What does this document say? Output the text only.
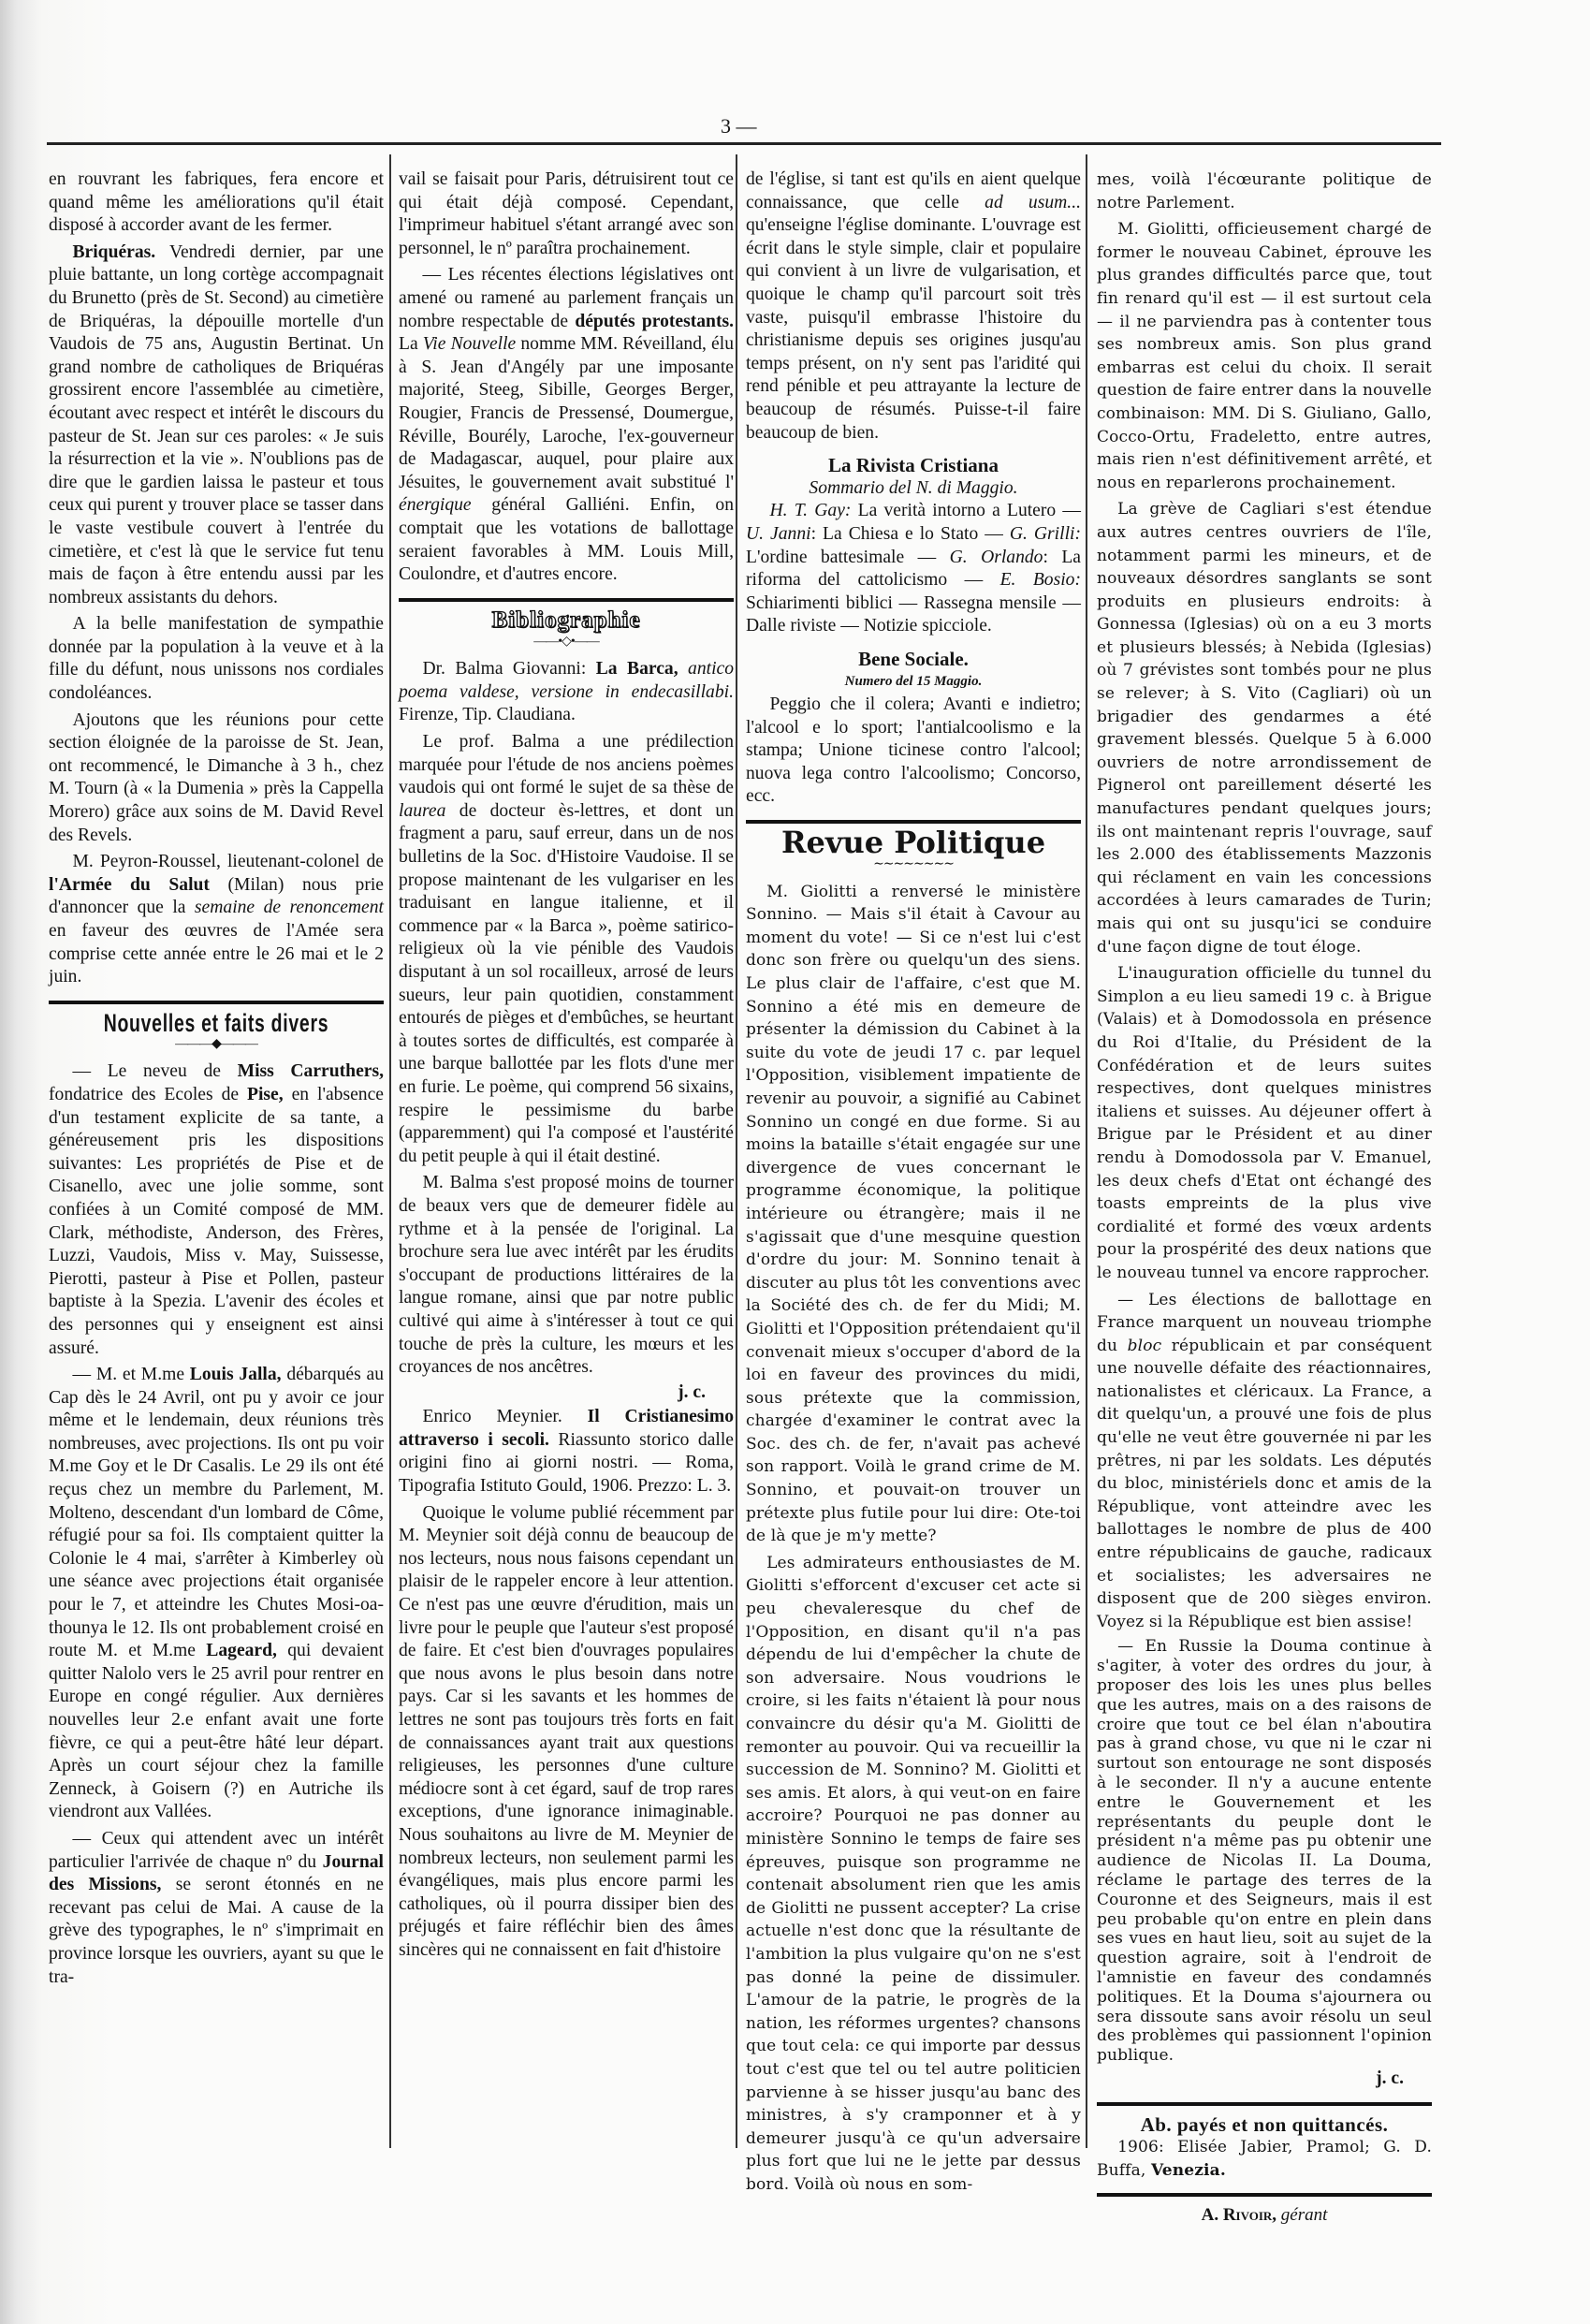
3 —

en rouvrant les fabriques, fera encore et quand même les améliorations qu'il était disposé à accorder avant de les fermer.

Briquéras. Vendredi dernier, par une pluie battante, un long cortège accompagnait du Brunetto (près de St. Second) au cimetière de Briquéras, la dépouille mortelle d'un Vaudois de 75 ans, Augustin Bertinat. Un grand nombre de catholiques de Briquéras grossirent encore l'assemblée au cimetière, écoutant avec respect et intérêt le discours du pasteur de St. Jean sur ces paroles: « Je suis la résurrection et la vie ». N'oublions pas de dire que le gardien laissa le pasteur et tous ceux qui purent y trouver place se tasser dans le vaste vestibule couvert à l'entrée du cimetière, et c'est là que le service fut tenu mais de façon à être entendu aussi par les nombreux assistants du dehors.

A la belle manifestation de sympathie donnée par la population à la veuve et à la fille du défunt, nous unissons nos cordiales condoléances.

Ajoutons que les réunions pour cette section éloignée de la paroisse de St. Jean, ont recommencé, le Dimanche à 3 h., chez M. Tourn (à « la Dumenia » près la Cappella Morero) grâce aux soins de M. David Revel des Revels.

M. Peyron-Roussel, lieutenant-colonel de l'Armée du Salut (Milan) nous prie d'annoncer que la semaine de renoncement en faveur des œuvres de l'Amée sera comprise cette année entre le 26 mai et le 2 juin.

Nouvelles et faits divers
———◆———

— Le neveu de Miss Carruthers, fondatrice des Ecoles de Pise, en l'absence d'un testament explicite de sa tante, a généreusement pris les dispositions suivantes: Les propriétés de Pise et de Cisanello, avec une jolie somme, sont confiées à un Comité composé de MM. Clark, méthodiste, Anderson, des Frères, Luzzi, Vaudois, Miss v. May, Suissesse, Pierotti, pasteur à Pise et Pollen, pasteur baptiste à la Spezia. L'avenir des écoles et des personnes qui y enseignent est ainsi assuré.

— M. et M.me Louis Jalla, débarqués au Cap dès le 24 Avril, ont pu y avoir ce jour même et le lendemain, deux réunions très nombreuses, avec projections. Ils ont pu voir M.me Goy et le Dr Casalis. Le 29 ils ont été reçus chez un membre du Parlement, M. Molteno, descendant d'un lombard de Côme, réfugié pour sa foi. Ils comptaient quitter la Colonie le 4 mai, s'arrêter à Kimberley où une séance avec projections était organisée pour le 7, et atteindre les Chutes Mosi-oa-thounya le 12. Ils ont probablement croisé en route M. et M.me Lageard, qui devaient quitter Nalolo vers le 25 avril pour rentrer en Europe en congé régulier. Aux dernières nouvelles leur 2.e enfant avait une forte fièvre, ce qui a peut-être hâté leur départ. Après un court séjour chez la famille Zenneck, à Goisern (?) en Autriche ils viendront aux Vallées.

— Ceux qui attendent avec un intérêt particulier l'arrivée de chaque nº du Journal des Missions, se seront étonnés en ne recevant pas celui de Mai. A cause de la grève des typographes, le nº s'imprimait en province lorsque les ouvriers, ayant su que le tra-

vail se faisait pour Paris, détruisirent tout ce qui était déjà composé. Cependant, l'imprimeur habituel s'étant arrangé avec son personnel, le nº paraîtra prochainement.

— Les récentes élections législatives ont amené ou ramené au parlement français un nombre respectable de députés protestants. La Vie Nouvelle nomme MM. Réveilland, élu à S. Jean d'Angély par une imposante majorité, Steeg, Sibille, Georges Berger, Rougier, Francis de Pressensé, Doumergue, Réville, Bourély, Laroche, l'ex-gouverneur de Madagascar, auquel, pour plaire aux Jésuites, le gouvernement avait substitué l' énergique général Galliéni. Enfin, on comptait que les votations de ballottage seraient favorables à MM. Louis Mill, Coulondre, et d'autres encore.

Bibliographie
——•◇•——

Dr. Balma Giovanni: La Barca, antico poema valdese, versione in endecasillabi. Firenze, Tip. Claudiana.

Le prof. Balma a une prédilection marquée pour l'étude de nos anciens poèmes vaudois qui ont formé le sujet de sa thèse de laurea de docteur ès-lettres, et dont un fragment a paru, sauf erreur, dans un de nos bulletins de la Soc. d'Histoire Vaudoise. Il se propose maintenant de les vulgariser en les traduisant en langue italienne, et il commence par « la Barca », poème satirico-religieux où la vie pénible des Vaudois disputant à un sol rocailleux, arrosé de leurs sueurs, leur pain quotidien, constamment entourés de pièges et d'embûches, se heurtant à toutes sortes de difficultés, est comparée à une barque ballottée par les flots d'une mer en furie. Le poème, qui comprend 56 sixains, respire le pessimisme du barbe (apparemment) qui l'a composé et l'austérité du petit peuple à qui il était destiné.

M. Balma s'est proposé moins de tourner de beaux vers que de demeurer fidèle au rythme et à la pensée de l'original. La brochure sera lue avec intérêt par les érudits s'occupant de productions littéraires de la langue romane, ainsi que par notre public cultivé qui aime à s'intéresser à tout ce qui touche de près la culture, les mœurs et les croyances de nos ancêtres.

j. c.

Enrico Meynier. Il Cristianesimo attraverso i secoli. Riassunto storico dalle origini fino ai giorni nostri. — Roma, Tipografia Istituto Gould, 1906. Prezzo: L. 3.

Quoique le volume publié récemment par M. Meynier soit déjà connu de beaucoup de nos lecteurs, nous nous faisons cependant un plaisir de le rappeler encore à leur attention. Ce n'est pas une œuvre d'érudition, mais un livre pour le peuple que l'auteur s'est proposé de faire. Et c'est bien d'ouvrages populaires que nous avons le plus besoin dans notre pays. Car si les savants et les hommes de lettres ne sont pas toujours très forts en fait de connaissances ayant trait aux questions religieuses, les personnes d'une culture médiocre sont à cet égard, sauf de trop rares exceptions, d'une ignorance inimaginable. Nous souhaitons au livre de M. Meynier de nombreux lecteurs, non seulement parmi les évangéliques, mais plus encore parmi les catholiques, où il pourra dissiper bien des préjugés et faire réfléchir bien des âmes sincères qui ne connaissent en fait d'histoire

de l'église, si tant est qu'ils en aient quelque connaissance, que celle ad usum... qu'enseigne l'église dominante. L'ouvrage est écrit dans le style simple, clair et populaire qui convient à un livre de vulgarisation, et quoique le champ qu'il parcourt soit très vaste, puisqu'il embrasse l'histoire du christianisme depuis ses origines jusqu'au temps présent, on n'y sent pas l'aridité qui rend pénible et peu attrayante la lecture de beaucoup de résumés. Puisse-t-il faire beaucoup de bien.

La Rivista Cristiana
Sommario del N. di Maggio.

H. T. Gay: La verità intorno a Lutero — U. Janni: La Chiesa e lo Stato — G. Grilli: L'ordine battesimale — G. Orlando: La riforma del cattolicismo — E. Bosio: Schiarimenti biblici — Rassegna mensile — Dalle riviste — Notizie spicciole.

Bene Sociale.
Numero del 15 Maggio.

Peggio che il colera; Avanti e indietro; l'alcool e lo sport; l'antialcoolismo e la stampa; Unione ticinese contro l'alcool; nuova lega contro l'alcoolismo; Concorso, ecc.

Revue Politique
∼∼∼∼∼∼∼∼

M. Giolitti a renversé le ministère Sonnino. — Mais s'il était à Cavour au moment du vote! — Si ce n'est lui c'est donc son frère ou quelqu'un des siens. Le plus clair de l'affaire, c'est que M. Sonnino a été mis en demeure de présenter la démission du Cabinet à la suite du vote de jeudi 17 c. par lequel l'Opposition, visiblement impatiente de revenir au pouvoir, a signifié au Cabinet Sonnino un congé en due forme. Si au moins la bataille s'était engagée sur une divergence de vues concernant le programme économique, la politique intérieure ou étrangère; mais il ne s'agissait que d'une mesquine question d'ordre du jour: M. Sonnino tenait à discuter au plus tôt les conventions avec la Société des ch. de fer du Midi; M. Giolitti et l'Opposition prétendaient qu'il convenait mieux s'occuper d'abord de la loi en faveur des provinces du midi, sous prétexte que la commission, chargée d'examiner le contrat avec la Soc. des ch. de fer, n'avait pas achevé son rapport. Voilà le grand crime de M. Sonnino, et pouvait-on trouver un prétexte plus futile pour lui dire: Ote-toi de là que je m'y mette?

Les admirateurs enthousiastes de M. Giolitti s'efforcent d'excuser cet acte si peu chevaleresque du chef de l'Opposition, en disant qu'il n'a pas dépendu de lui d'empêcher la chute de son adversaire. Nous voudrions le croire, si les faits n'étaient là pour nous convaincre du désir qu'a M. Giolitti de remonter au pouvoir. Qui va recueillir la succession de M. Sonnino? M. Giolitti et ses amis. Et alors, à qui veut-on en faire accroire? Pourquoi ne pas donner au ministère Sonnino le temps de faire ses épreuves, puisque son programme ne contenait absolument rien que les amis de Giolitti ne pussent accepter? La crise actuelle n'est donc que la résultante de l'ambition la plus vulgaire qu'on ne s'est pas donné la peine de dissimuler. L'amour de la patrie, le progrès de la nation, les réformes urgentes? chansons que tout cela: ce qui importe par dessus tout c'est que tel ou tel autre politicien parvienne à se hisser jusqu'au banc des ministres, à s'y cramponner et à y demeurer jusqu'à ce qu'un adversaire plus fort que lui ne le jette par dessus bord. Voilà où nous en som-

mes, voilà l'écœurante politique de notre Parlement.

M. Giolitti, officieusement chargé de former le nouveau Cabinet, éprouve les plus grandes difficultés parce que, tout fin renard qu'il est — il est surtout cela — il ne parviendra pas à contenter tous ses nombreux amis. Son plus grand embarras est celui du choix. Il serait question de faire entrer dans la nouvelle combinaison: MM. Di S. Giuliano, Gallo, Cocco-Ortu, Fradeletto, entre autres, mais rien n'est définitivement arrêté, et nous en reparlerons prochainement.

La grève de Cagliari s'est étendue aux autres centres ouvriers de l'île, notamment parmi les mineurs, et de nouveaux désordres sanglants se sont produits en plusieurs endroits: à Gonnessa (Iglesias) où on a eu 3 morts et plusieurs blessés; à Nebida (Iglesias) où 7 grévistes sont tombés pour ne plus se relever; à S. Vito (Cagliari) où un brigadier des gendarmes a été gravement blessés. Quelque 5 à 6.000 ouvriers de notre arrondissement de Pignerol ont pareillement déserté les manufactures pendant quelques jours; ils ont maintenant repris l'ouvrage, sauf les 2.000 des établissements Mazzonis qui réclament en vain les concessions accordées à leurs camarades de Turin; mais qui ont su jusqu'ici se conduire d'une façon digne de tout éloge.

L'inauguration officielle du tunnel du Simplon a eu lieu samedi 19 c. à Brigue (Valais) et à Domodossola en présence du Roi d'Italie, du Président de la Confédération et de leurs suites respectives, dont quelques ministres italiens et suisses. Au déjeuner offert à Brigue par le Président et au diner rendu à Domodossola par V. Emanuel, les deux chefs d'Etat ont échangé des toasts empreints de la plus vive cordialité et formé des vœux ardents pour la prospérité des deux nations que le nouveau tunnel va encore rapprocher.

— Les élections de ballottage en France marquent un nouveau triomphe du bloc républicain et par conséquent une nouvelle défaite des réactionnaires, nationalistes et cléricaux. La France, a dit quelqu'un, a prouvé une fois de plus qu'elle ne veut être gouvernée ni par les prêtres, ni par les soldats. Les députés du bloc, ministériels donc et amis de la République, vont atteindre avec les ballottages le nombre de plus de 400 entre républicains de gauche, radicaux et socialistes; les adversaires ne disposent que de 200 sièges environ. Voyez si la République est bien assise!

— En Russie la Douma continue à s'agiter, à voter des ordres du jour, à proposer des lois les unes plus belles que les autres, mais on a des raisons de croire que tout ce bel élan n'aboutira pas à grand chose, vu que ni le czar ni surtout son entourage ne sont disposés à le seconder. Il n'y a aucune entente entre le Gouvernement et les représentants du peuple dont le président n'a même pas pu obtenir une audience de Nicolas II. La Douma, réclame le partage des terres de la Couronne et des Seigneurs, mais il est peu probable qu'on entre en plein dans ses vues en haut lieu, soit au sujet de la question agraire, soit à l'endroit de l'amnistie en faveur des condamnés politiques. Et la Douma s'ajournera ou sera dissoute sans avoir résolu un seul des problèmes qui passionnent l'opinion publique.

j. c.
Ab. payés et non quittancés.

1906: Elisée Jabier, Pramol; G. D. Buffa, Venezia.

A. Rivoir, gérant
